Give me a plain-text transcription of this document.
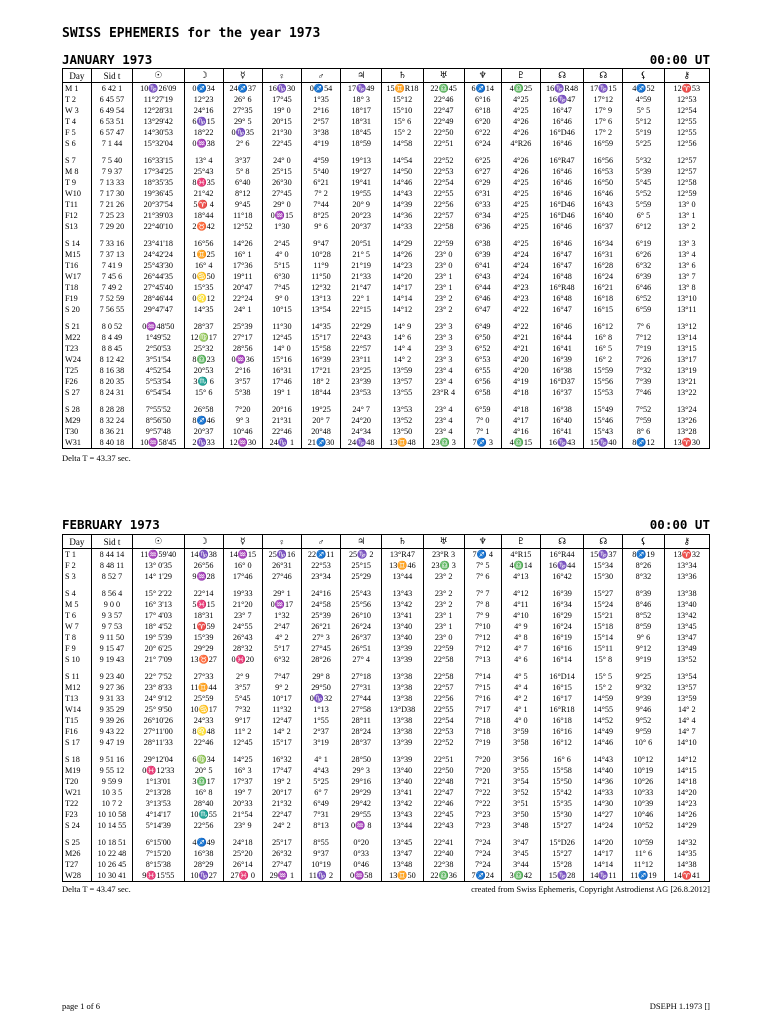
SWISS EPHEMERIS for the year 1973
JANUARY 1973	00:00 UT
Day	Sid t	☉	☽	☿	♀	♂	♃	♄	♅	♆	♇	☊	☊	⚸	⚷
M 1	6 42 1	10♑26'09	0♐34	24♐37	16♑30	0♐54	17♑49	15♊R18	22♎45	6♐14	4♎25	16♑R48	17♑15	4♐52	12♈53
T 2	6 45 57	11°27'19	12°23	26° 6	17°45	1°35	18° 3	15°12	22°46	6°16	4°25	16♑47	17°12	4°59	12°53
W 3	6 49 54	12°28'31	24°16	27°35	19° 0	2°16	18°17	15°10	22°47	6°18	4°25	16°47	17° 9	5° 5	12°54
T 4	6 53 51	13°29'42	6♑15	29° 5	20°15	2°57	18°31	15° 6	22°49	6°20	4°26	16°46	17° 6	5°12	12°55
F 5	6 57 47	14°30'53	18°22	0♑35	21°30	3°38	18°45	15° 2	22°50	6°22	4°26	16°D46	17° 2	5°19	12°55
S 6	7 1 44	15°32'04	0♒38	2° 6	22°45	4°19	18°59	14°58	22°51	6°24	4°R26	16°46	16°59	5°25	12°56
S 7	7 5 40	16°33'15	13° 4	3°37	24° 0	4°59	19°13	14°54	22°52	6°25	4°26	16°R47	16°56	5°32	12°57
M 8	7 9 37	17°34'25	25°43	5° 8	25°15	5°40	19°27	14°50	22°53	6°27	4°26	16°46	16°53	5°39	12°57
T 9	7 13 33	18°35'35	8♓35	6°40	26°30	6°21	19°41	14°46	22°54	6°29	4°25	16°46	16°50	5°45	12°58
W10	7 17 30	19°36'45	21°42	8°12	27°45	7° 2	19°55	14°43	22°55	6°31	4°25	16°46	16°46	5°52	12°59
T11	7 21 26	20°37'54	5♈ 4	9°45	29° 0	7°44	20° 9	14°39	22°56	6°33	4°25	16°D46	16°43	5°59	13° 0
F12	7 25 23	21°39'03	18°44	11°18	0♒15	8°25	20°23	14°36	22°57	6°34	4°25	16°D46	16°40	6° 5	13° 1
S13	7 29 20	22°40'10	2♉42	12°52	1°30	9° 6	20°37	14°33	22°58	6°36	4°25	16°46	16°37	6°12	13° 2
S 14	7 33 16	23°41'18	16°56	14°26	2°45	9°47	20°51	14°29	22°59	6°38	4°25	16°46	16°34	6°19	13° 3
M15	7 37 13	24°42'24	1♊25	16° 1	4° 0	10°28	21° 5	14°26	23° 0	6°39	4°24	16°47	16°31	6°26	13° 4
T16	7 41 9	25°43'30	16° 4	17°36	5°15	11°9	21°19	14°23	23° 0	6°41	4°24	16°47	16°28	6°32	13° 6
W17	7 45 6	26°44'35	0♋50	19°11	6°30	11°50	21°33	14°20	23° 1	6°43	4°24	16°48	16°24	6°39	13° 7
T18	7 49 2	27°45'40	15°35	20°47	7°45	12°32	21°47	14°17	23° 1	6°44	4°23	16°R48	16°21	6°46	13° 8
F19	7 52 59	28°46'44	0♌12	22°24	9° 0	13°13	22° 1	14°14	23° 2	6°46	4°23	16°48	16°18	6°52	13°10
S 20	7 56 55	29°47'47	14°35	24° 1	10°15	13°54	22°15	14°12	23° 2	6°47	4°22	16°47	16°15	6°59	13°11
S 21	8 0 52	0♒48'50	28°37	25°39	11°30	14°35	22°29	14° 9	23° 3	6°49	4°22	16°46	16°12	7° 6	13°12
M22	8 4 49	1°49'52	12♍17	27°17	12°45	15°17	22°43	14° 6	23° 3	6°50	4°21	16°44	16° 8	7°12	13°14
T23	8 8 45	2°50'53	25°32	28°56	14° 0	15°58	22°57	14° 4	23° 3	6°52	4°21	16°41	16° 5	7°19	13°15
W24	8 12 42	3°51'54	8♎23	0♒36	15°16	16°39	23°11	14° 2	23° 3	6°53	4°20	16°39	16° 2	7°26	13°17
T25	8 16 38	4°52'54	20°53	2°16	16°31	17°21	23°25	13°59	23° 4	6°55	4°20	16°38	15°59	7°32	13°19
F26	8 20 35	5°53'54	3♏ 6	3°57	17°46	18° 2	23°39	13°57	23° 4	6°56	4°19	16°D37	15°56	7°39	13°21
S 27	8 24 31	6°54'54	15° 6	5°38	19° 1	18°44	23°53	13°55	23°R 4	6°58	4°18	16°37	15°53	7°46	13°22
S 28	8 28 28	7°55'52	26°58	7°20	20°16	19°25	24° 7	13°53	23° 4	6°59	4°18	16°38	15°49	7°52	13°24
M29	8 32 24	8°56'50	8♐46	9° 3	21°31	20° 7	24°20	13°52	23° 4	7° 0	4°17	16°40	15°46	7°59	13°26
T30	8 36 21	9°57'48	20°37	10°46	22°46	20°48	24°34	13°50	23° 4	7° 1	4°16	16°41	15°43	8° 6	13°28
W31	8 40 18	10♒58'45	2♑33	12♒30	24♑ 1	21♐30	24♑48	13♊48	23♎ 3	7♐ 3	4♎15	16♑43	15♑40	8♐12	13♈30
Delta T = 43.37 sec.
FEBRUARY 1973	00:00 UT
Day	Sid t	☉	☽	☿	♀	♂	♃	♄	♅	♆	♇	☊	☊	⚸	⚷
T 1	8 44 14	11♒59'40	14♑38	14♒15	25♑16	22♐11	25♑ 2	13°R47	23°R 3	7♐ 4	4°R15	16°R44	15♑37	8♐19	13♈32
F 2	8 48 11	13° 0'35	26°56	16° 0	26°31	22°53	25°15	13♊46	23♎ 3	7° 5	4♎14	16♑44	15°34	8°26	13°34
S 3	8 52 7	14° 1'29	9♒28	17°46	27°46	23°34	25°29	13°44	23° 2	7° 6	4°13	16°42	15°30	8°32	13°36
S 4	8 56 4	15° 2'22	22°14	19°33	29° 1	24°16	25°43	13°43	23° 2	7° 7	4°12	16°39	15°27	8°39	13°38
M 5	9 0 0	16° 3'13	5♓15	21°20	0♒17	24°58	25°56	13°42	23° 2	7° 8	4°11	16°34	15°24	8°46	13°40
T 6	9 3 57	17° 4'03	18°31	23° 7	1°32	25°39	26°10	13°41	23° 1	7° 9	4°10	16°29	15°21	8°52	13°42
W 7	9 7 53	18° 4'52	1♈59	24°55	2°47	26°21	26°24	13°40	23° 1	7°10	4° 9	16°24	15°18	8°59	13°45
T 8	9 11 50	19° 5'39	15°39	26°43	4° 2	27° 3	26°37	13°40	23° 0	7°12	4° 8	16°19	15°14	9° 6	13°47
F 9	9 15 47	20° 6'25	29°29	28°32	5°17	27°45	26°51	13°39	22°59	7°12	4° 7	16°16	15°11	9°12	13°49
S 10	9 19 43	21° 7'09	13♉27	0♓20	6°32	28°26	27° 4	13°39	22°58	7°13	4° 6	16°14	15° 8	9°19	13°52
S 11	9 23 40	22° 7'52	27°33	2° 9	7°47	29° 8	27°18	13°38	22°58	7°14	4° 5	16°D14	15° 5	9°25	13°54
M12	9 27 36	23° 8'33	11♊44	3°57	9° 2	29°50	27°31	13°38	22°57	7°15	4° 4	16°15	15° 2	9°32	13°57
T13	9 31 33	24° 9'12	25°59	5°45	10°17	0♑32	27°44	13°38	22°56	7°16	4° 2	16°17	14°59	9°39	13°59
W14	9 35 29	25° 9'50	10♋17	7°32	11°32	1°13	27°58	13°D38	22°55	7°17	4° 1	16°R18	14°55	9°46	14° 2
T15	9 39 26	26°10'26	24°33	9°17	12°47	1°55	28°11	13°38	22°54	7°18	4° 0	16°18	14°52	9°52	14° 4
F16	9 43 22	27°11'00	8♌48	11° 2	14° 2	2°37	28°24	13°38	22°53	7°18	3°59	16°16	14°49	9°59	14° 7
S 17	9 47 19	28°11'33	22°46	12°45	15°17	3°19	28°37	13°39	22°52	7°19	3°58	16°12	14°46	10° 6	14°10
S 18	9 51 16	29°12'04	6♍34	14°25	16°32	4° 1	28°50	13°39	22°51	7°20	3°56	16° 6	14°43	10°12	14°12
M19	9 55 12	0♓12'33	20° 5	16° 3	17°47	4°43	29° 3	13°40	22°50	7°20	3°55	15°58	14°40	10°19	14°15
T20	9 59 9	1°13'01	3♎17	17°37	19° 2	5°25	29°16	13°40	22°48	7°21	3°54	15°50	14°36	10°26	14°18
W21	10 3 5	2°13'28	16° 8	19° 7	20°17	6° 7	29°29	13°41	22°47	7°22	3°52	15°42	14°33	10°33	14°20
T22	10 7 2	3°13'53	28°40	20°33	21°32	6°49	29°42	13°42	22°46	7°22	3°51	15°35	14°30	10°39	14°23
F23	10 10 58	4°14'17	10♏55	21°54	22°47	7°31	29°55	13°43	22°45	7°23	3°50	15°30	14°27	10°46	14°26
S 24	10 14 55	5°14'39	22°56	23° 9	24° 2	8°13	0♒ 8	13°44	22°43	7°23	3°48	15°27	14°24	10°52	14°29
S 25	10 18 51	6°15'00	4♐49	24°18	25°17	8°55	0°20	13°45	22°41	7°24	3°47	15°D26	14°20	10°59	14°32
M26	10 22 48	7°15'20	16°38	25°20	26°32	9°37	0°33	13°47	22°40	7°24	3°45	15°27	14°17	11° 6	14°35
T27	10 26 45	8°15'38	28°29	26°14	27°47	10°19	0°46	13°48	22°38	7°24	3°44	15°28	14°14	11°12	14°38
W28	10 30 41	9♓15'55	10♑27	27♓ 0	29♒ 1	11♑ 2	0♒58	13♊50	22♎36	7♐24	3♎42	15♑28	14♑11	11♐19	14♈41
Delta T = 43.47 sec.	created from Swiss Ephemeris, Copyright Astrodienst AG [26.8.2012]
page 1 of 6	DSEPH 1.1973 []
